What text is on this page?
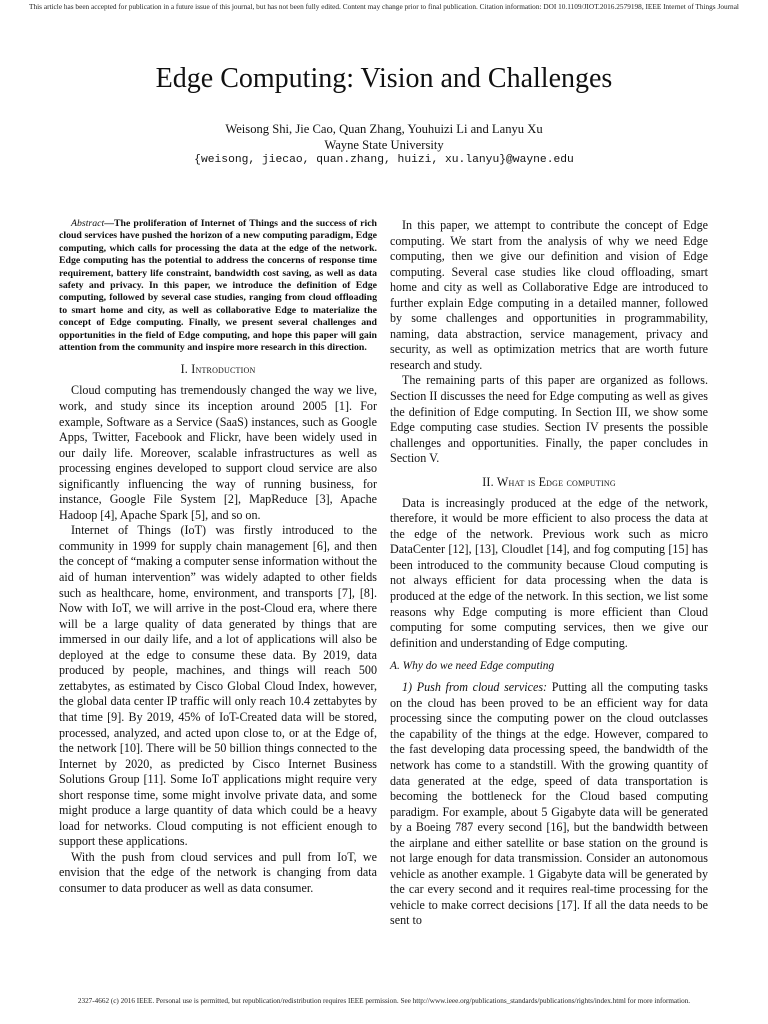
This article has been accepted for publication in a future issue of this journal, but has not been fully edited. Content may change prior to final publication. Citation information: DOI 10.1109/JIOT.2016.2579198, IEEE Internet of Things Journal
Edge Computing: Vision and Challenges
Weisong Shi, Jie Cao, Quan Zhang, Youhuizi Li and Lanyu Xu
Wayne State University
{weisong, jiecao, quan.zhang, huizi, xu.lanyu}@wayne.edu

Abstract—The proliferation of Internet of Things and the success of rich cloud services have pushed the horizon of a new computing paradigm, Edge computing, which calls for processing the data at the edge of the network. Edge computing has the potential to address the concerns of response time requirement, battery life constraint, bandwidth cost saving, as well as data safety and privacy. In this paper, we introduce the definition of Edge computing, followed by several case studies, ranging from cloud offloading to smart home and city, as well as collaborative Edge to materialize the concept of Edge computing. Finally, we present several challenges and opportunities in the field of Edge computing, and hope this paper will gain attention from the community and inspire more research in this direction.

I. Introduction

Cloud computing has tremendously changed the way we live, work, and study since its inception around 2005 [1]. For example, Software as a Service (SaaS) instances, such as Google Apps, Twitter, Facebook and Flickr, have been widely used in our daily life. Moreover, scalable infrastructures as well as processing engines developed to support cloud service are also significantly influencing the way of running business, for instance, Google File System [2], MapReduce [3], Apache Hadoop [4], Apache Spark [5], and so on.

Internet of Things (IoT) was firstly introduced to the community in 1999 for supply chain management [6], and then the concept of “making a computer sense information without the aid of human intervention” was widely adapted to other fields such as healthcare, home, environment, and transports [7], [8]. Now with IoT, we will arrive in the post-Cloud era, where there will be a large quality of data generated by things that are immersed in our daily life, and a lot of applications will also be deployed at the edge to consume these data. By 2019, data produced by people, machines, and things will reach 500 zettabytes, as estimated by Cisco Global Cloud Index, however, the global data center IP traffic will only reach 10.4 zettabytes by that time [9]. By 2019, 45% of IoT-Created data will be stored, processed, analyzed, and acted upon close to, or at the Edge of, the network [10]. There will be 50 billion things connected to the Internet by 2020, as predicted by Cisco Internet Business Solutions Group [11]. Some IoT applications might require very short response time, some might involve private data, and some might produce a large quantity of data which could be a heavy load for networks. Cloud computing is not efficient enough to support these applications.

With the push from cloud services and pull from IoT, we envision that the edge of the network is changing from data consumer to data producer as well as data consumer.

In this paper, we attempt to contribute the concept of Edge computing. We start from the analysis of why we need Edge computing, then we give our definition and vision of Edge computing. Several case studies like cloud offloading, smart home and city as well as Collaborative Edge are introduced to further explain Edge computing in a detailed manner, followed by some challenges and opportunities in programmability, naming, data abstraction, service management, privacy and security, as well as optimization metrics that are worth future research and study.

The remaining parts of this paper are organized as follows. Section II discusses the need for Edge computing as well as gives the definition of Edge computing. In Section III, we show some Edge computing case studies. Section IV presents the possible challenges and opportunities. Finally, the paper concludes in Section V.

II. What is Edge computing

Data is increasingly produced at the edge of the network, therefore, it would be more efficient to also process the data at the edge of the network. Previous work such as micro DataCenter [12], [13], Cloudlet [14], and fog computing [15] has been introduced to the community because Cloud computing is not always efficient for data processing when the data is produced at the edge of the network. In this section, we list some reasons why Edge computing is more efficient than Cloud computing for some computing services, then we give our definition and understanding of Edge computing.

A. Why do we need Edge computing

1) Push from cloud services: Putting all the computing tasks on the cloud has been proved to be an efficient way for data processing since the computing power on the cloud outclasses the capability of the things at the edge. However, compared to the fast developing data processing speed, the bandwidth of the network has come to a standstill. With the growing quantity of data generated at the edge, speed of data transportation is becoming the bottleneck for the Cloud based computing paradigm. For example, about 5 Gigabyte data will be generated by a Boeing 787 every second [16], but the bandwidth between the airplane and either satellite or base station on the ground is not large enough for data transmission. Consider an autonomous vehicle as another example. 1 Gigabyte data will be generated by the car every second and it requires real-time processing for the vehicle to make correct decisions [17]. If all the data needs to be sent to

2327-4662 (c) 2016 IEEE. Personal use is permitted, but republication/redistribution requires IEEE permission. See http://www.ieee.org/publications_standards/publications/rights/index.html for more information.
